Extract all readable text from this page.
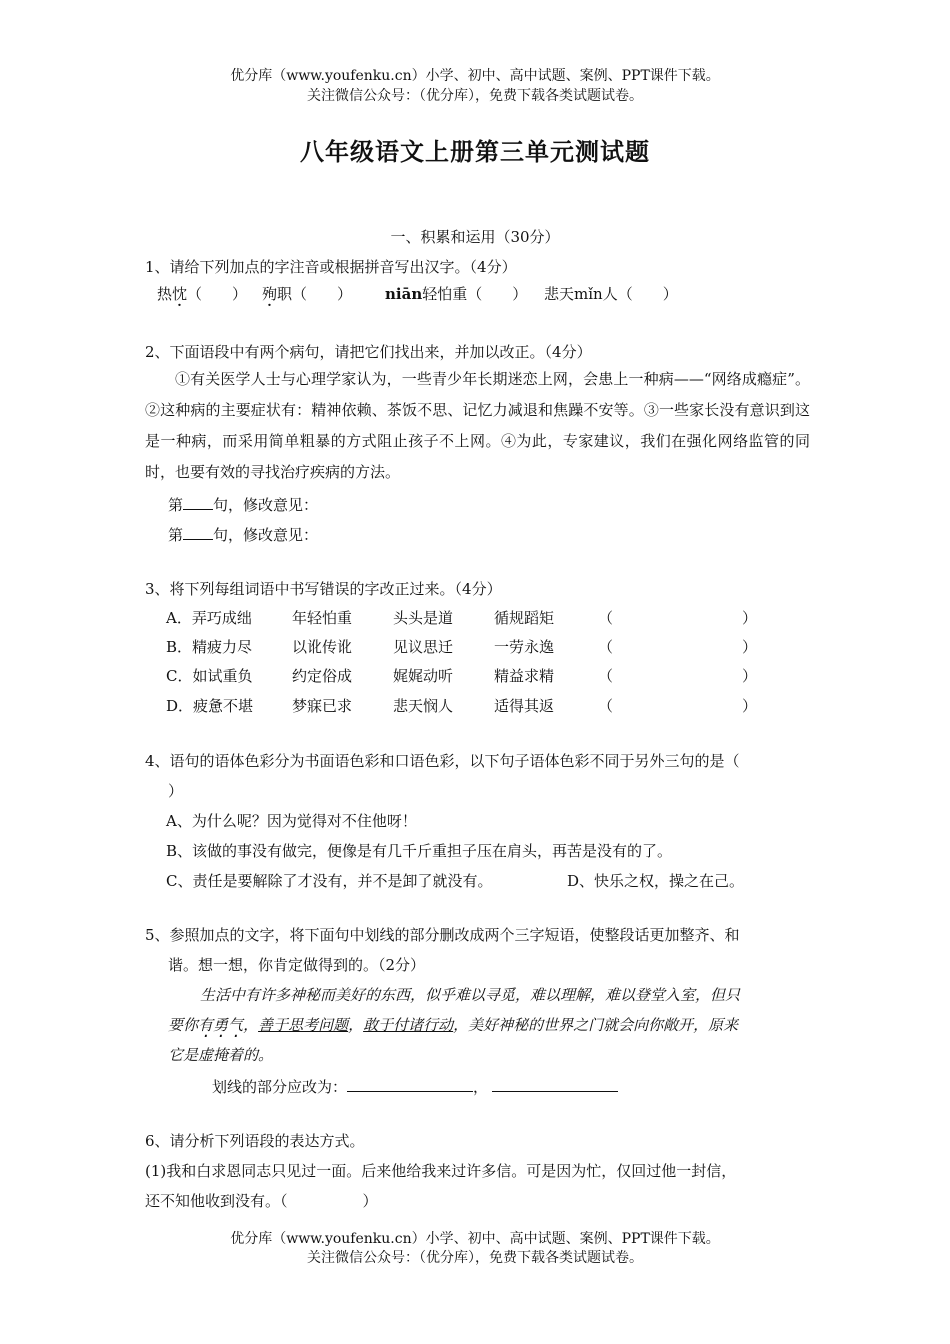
优分库（www.youfenku.cn）小学、初中、高中试题、案例、PPT课件下载。
关注微信公众号：（优分库），免费下载各类试题试卷。
八年级语文上册第三单元测试题
一、积累和运用（30分）
1、请给下列加点的字注音或根据拼音写出汉字。（4分）
热忱（　　） 殉职（　　） niān轻怕重（　　） 悲天mǐn人（　　）
2、下面语段中有两个病句，请把它们找出来，并加以改正。（4分）
①有关医学人士与心理学家认为，一些青少年长期迷恋上网，会患上一种病——“网络成瘾症”。②这种病的主要症状有：精神依赖、茶饭不思、记忆力减退和焦躁不安等。③一些家长没有意识到这是一种病，而采用简单粗暴的方式阻止孩子不上网。④为此，专家建议，我们在强化网络监管的同时，也要有效的寻找治疗疾病的方法。
第 句，修改意见：
第 句，修改意见：
3、将下列每组词语中书写错误的字改正过来。（4分）
A．弄巧成绌	年轻怕重	头头是道	循规蹈矩	（	）
B．精疲力尽	以讹传讹	见议思迁	一劳永逸	（	）
C．如试重负	约定俗成	娓娓动听	精益求精	（	）
D．疲惫不堪	梦寐已求	悲天悯人	适得其返	（	）
4、语句的语体色彩分为书面语色彩和口语色彩，以下句子语体色彩不同于另外三句的是（
）
A、为什么呢？因为觉得对不住他呀！
B、该做的事没有做完，便像是有几千斤重担子压在肩头，再苦是没有的了。
C、责任是要解除了才没有，并不是卸了就没有。	D、快乐之权，操之在己。
5、参照加点的文字，将下面句中划线的部分删改成两个三字短语，使整段话更加整齐、和
谐。想一想，你肯定做得到的。（2分）
生活中有许多神秘而美好的东西，似乎难以寻觅，难以理解，难以登堂入室，但只
要你有勇气，善于思考问题，敢于付诸行动，美好神秘的世界之门就会向你敞开，原来
它是虚掩着的。
划线的部分应改为：	，
6、请分析下列语段的表达方式。
(1)我和白求恩同志只见过一面。后来他给我来过许多信。可是因为忙，仅回过他一封信，
还不知他收到没有。（　　　　　）
优分库（www.youfenku.cn）小学、初中、高中试题、案例、PPT课件下载。
关注微信公众号：（优分库），免费下载各类试题试卷。
